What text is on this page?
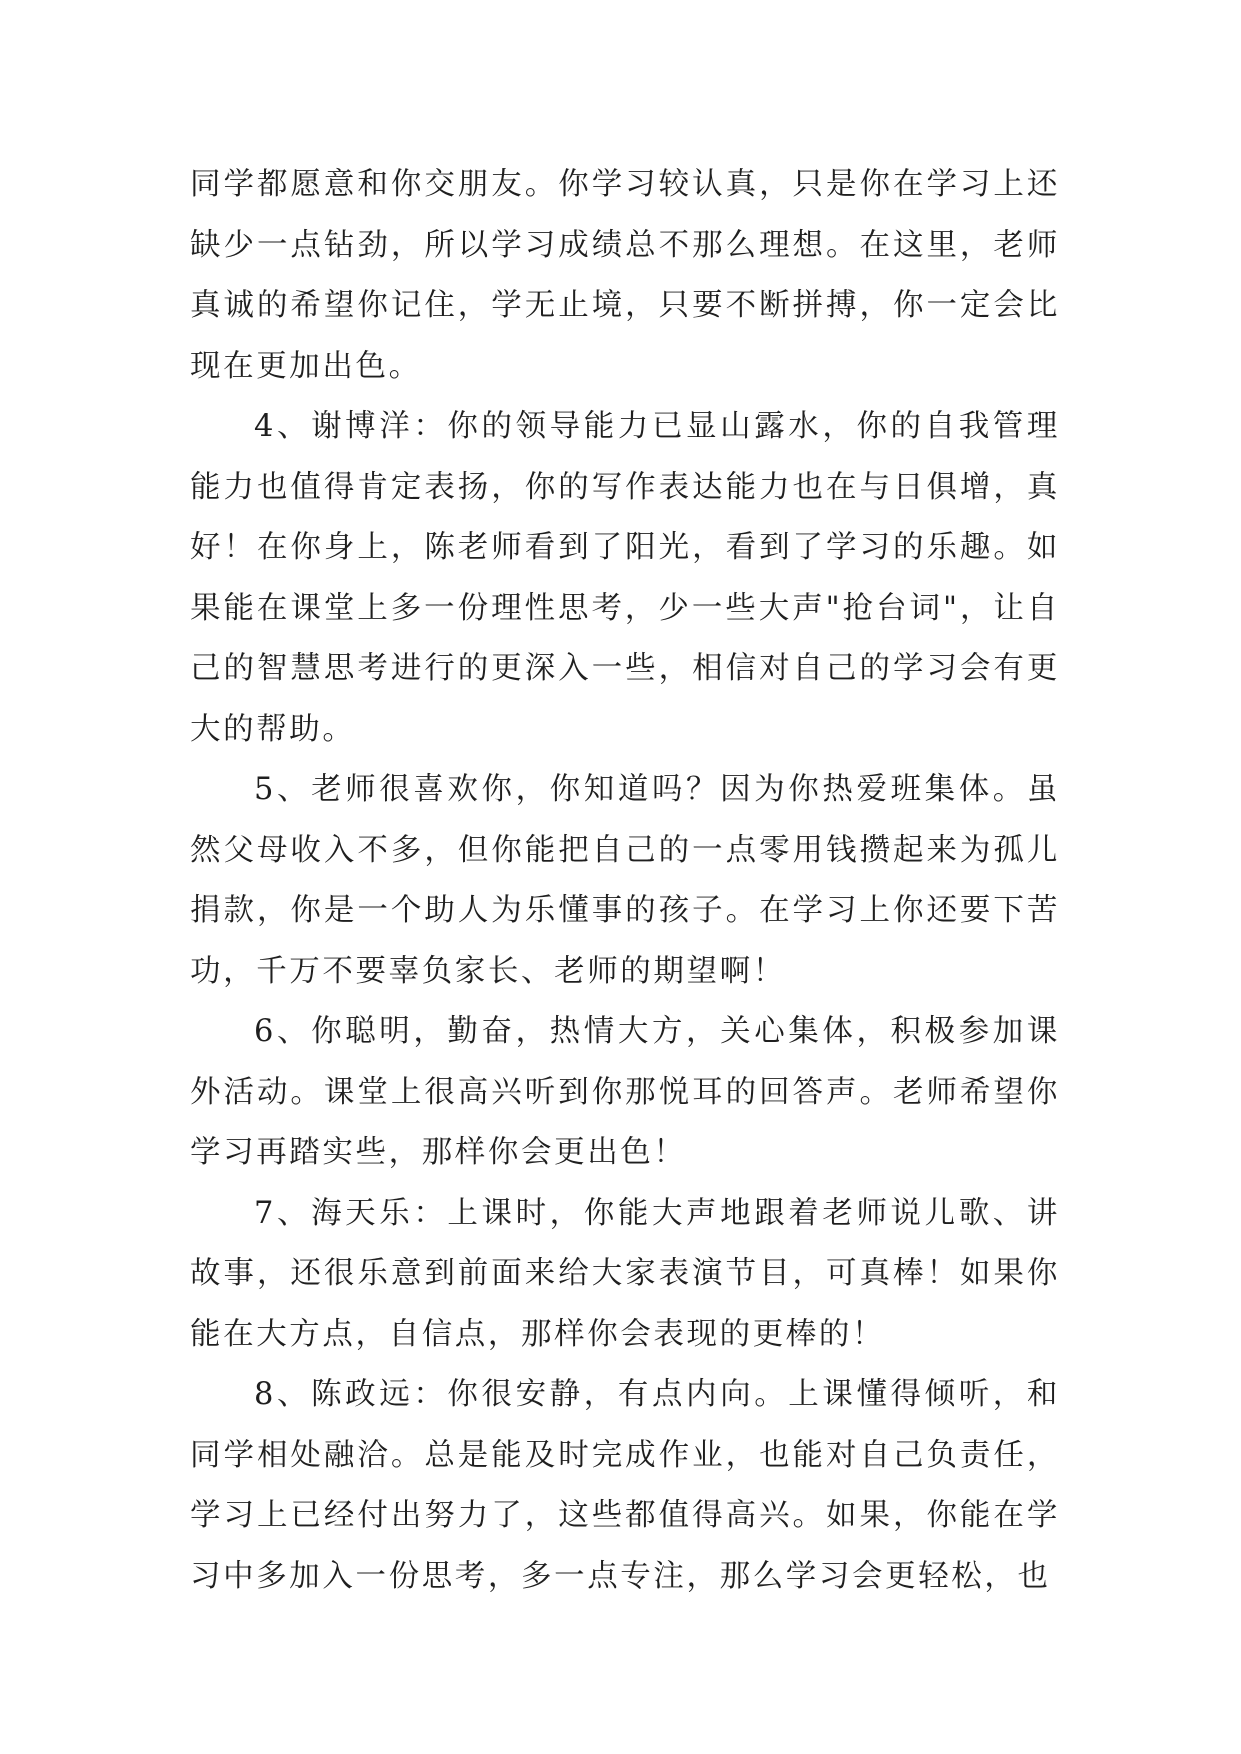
同学都愿意和你交朋友。你学习较认真，只是你在学习上还缺少一点钻劲，所以学习成绩总不那么理想。在这里，老师真诚的希望你记住，学无止境，只要不断拼搏，你一定会比现在更加出色。

4、谢博洋：你的领导能力已显山露水，你的自我管理能力也值得肯定表扬，你的写作表达能力也在与日俱增，真好！在你身上，陈老师看到了阳光，看到了学习的乐趣。如果能在课堂上多一份理性思考，少一些大声"抢台词"，让自己的智慧思考进行的更深入一些，相信对自己的学习会有更大的帮助。

5、老师很喜欢你，你知道吗？因为你热爱班集体。虽然父母收入不多，但你能把自己的一点零用钱攒起来为孤儿捐款，你是一个助人为乐懂事的孩子。在学习上你还要下苦功，千万不要辜负家长、老师的期望啊！

6、你聪明，勤奋，热情大方，关心集体，积极参加课外活动。课堂上很高兴听到你那悦耳的回答声。老师希望你学习再踏实些，那样你会更出色！

7、海天乐：上课时，你能大声地跟着老师说儿歌、讲故事，还很乐意到前面来给大家表演节目，可真棒！如果你能在大方点，自信点，那样你会表现的更棒的！

8、陈政远：你很安静，有点内向。上课懂得倾听，和同学相处融洽。总是能及时完成作业，也能对自己负责任，学习上已经付出努力了，这些都值得高兴。如果，你能在学习中多加入一份思考，多一点专注，那么学习会更轻松，也
